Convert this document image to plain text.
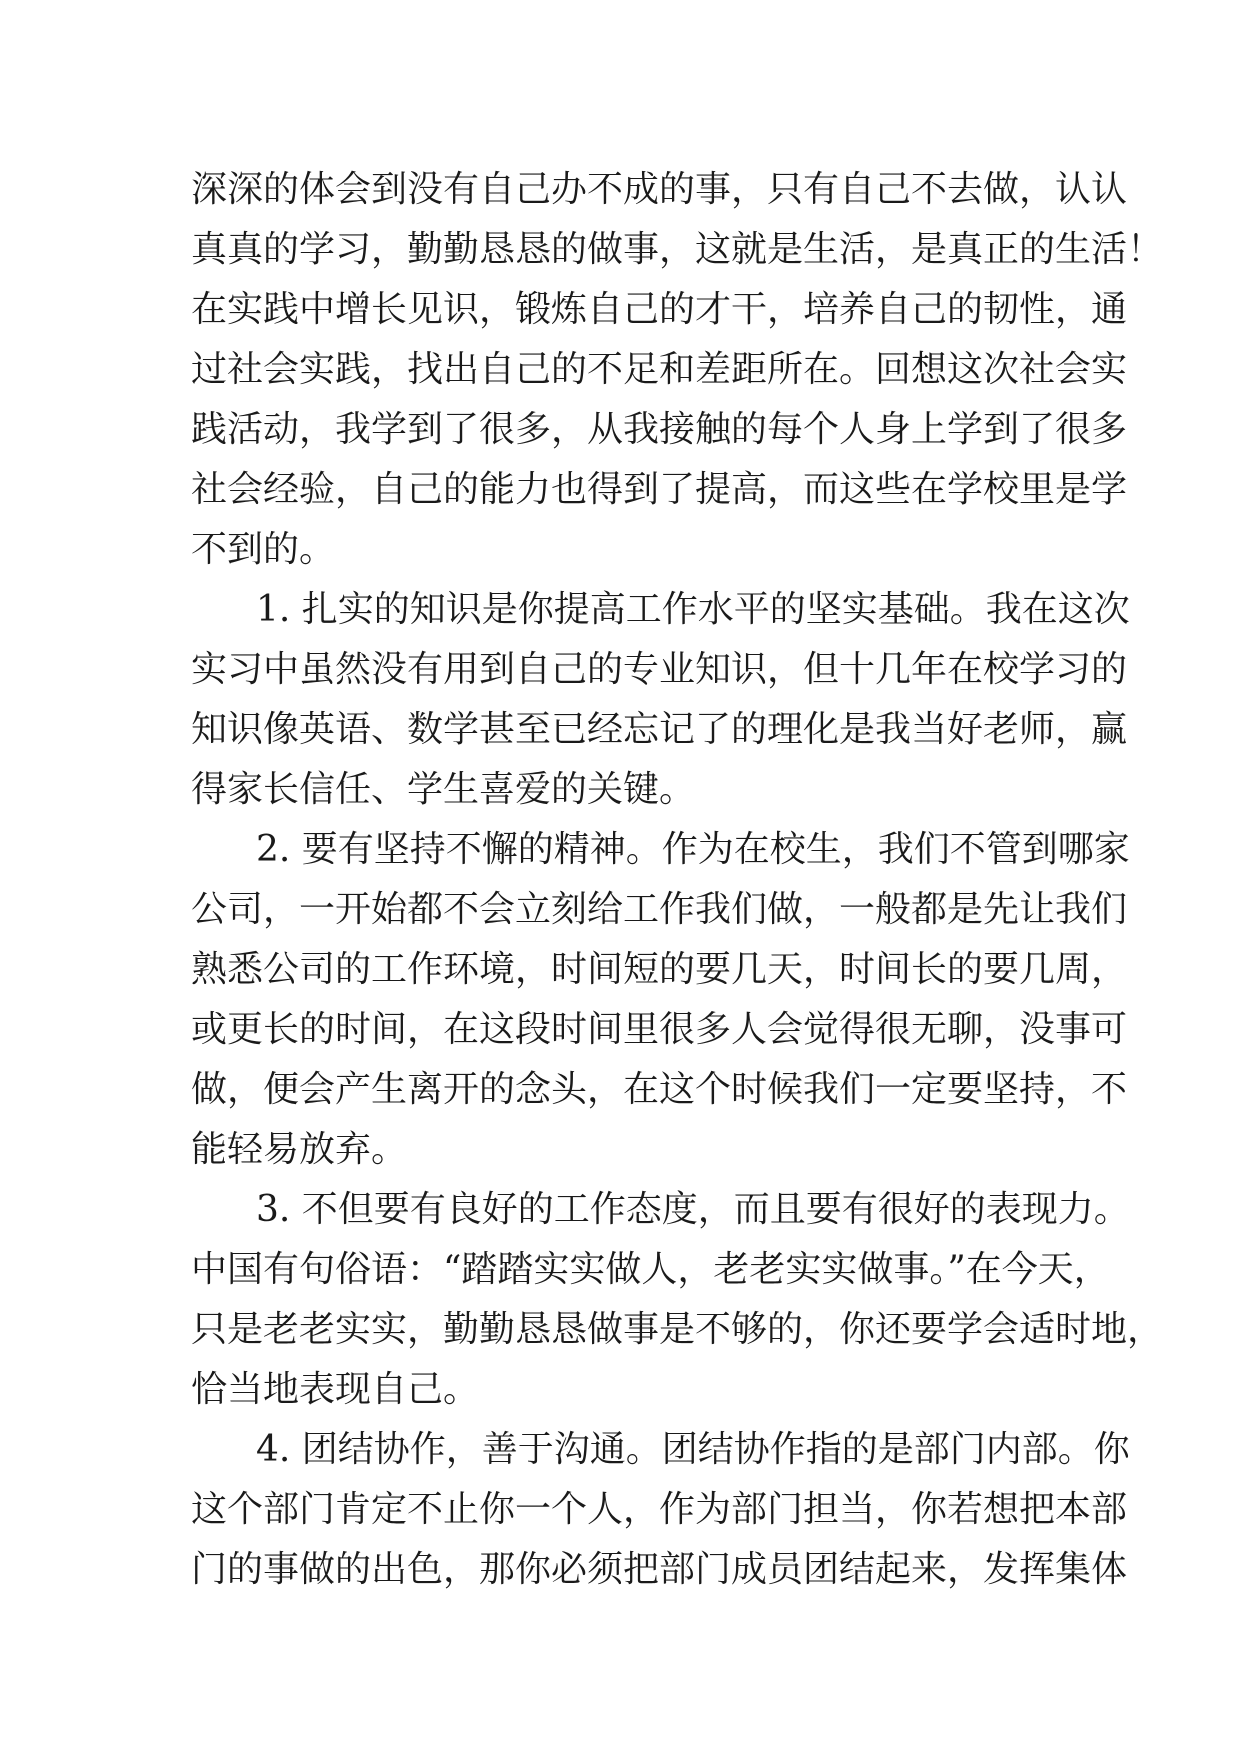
深深的体会到没有自己办不成的事，只有自己不去做，认认
真真的学习，勤勤恳恳的做事，这就是生活，是真正的生活！
在实践中增长见识，锻炼自己的才干，培养自己的韧性，通
过社会实践，找出自己的不足和差距所在。回想这次社会实
践活动，我学到了很多，从我接触的每个人身上学到了很多
社会经验，自己的能力也得到了提高，而这些在学校里是学
不到的。
1. 扎实的知识是你提高工作水平的坚实基础。我在这次
实习中虽然没有用到自己的专业知识，但十几年在校学习的
知识像英语、数学甚至已经忘记了的理化是我当好老师，赢
得家长信任、学生喜爱的关键。
2. 要有坚持不懈的精神。作为在校生，我们不管到哪家
公司，一开始都不会立刻给工作我们做，一般都是先让我们
熟悉公司的工作环境，时间短的要几天，时间长的要几周，
或更长的时间，在这段时间里很多人会觉得很无聊，没事可
做，便会产生离开的念头，在这个时候我们一定要坚持，不
能轻易放弃。
3. 不但要有良好的工作态度，而且要有很好的表现力。
中国有句俗语：“踏踏实实做人，老老实实做事。”在今天，
只是老老实实，勤勤恳恳做事是不够的，你还要学会适时地，
恰当地表现自己。
4. 团结协作，善于沟通。团结协作指的是部门内部。你
这个部门肯定不止你一个人，作为部门担当，你若想把本部
门的事做的出色，那你必须把部门成员团结起来，发挥集体
